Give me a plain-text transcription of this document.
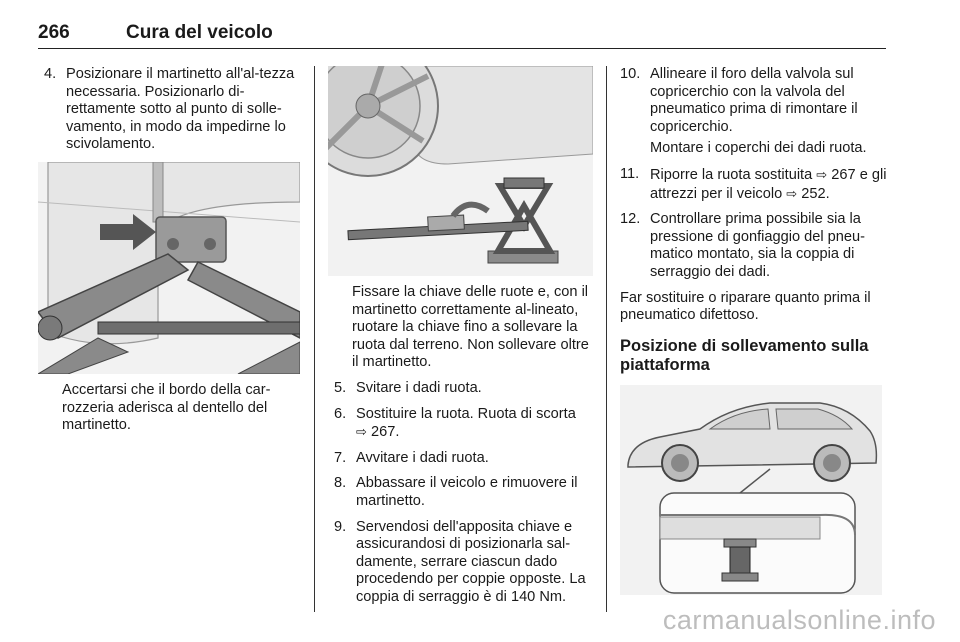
266	Cura del veicolo
4. Posizionare il martinetto all'al-tezza necessaria. Posizionarlo di-rettamente sotto al punto di solle-vamento, in modo da impedirne lo scivolamento.

Accertarsi che il bordo della car-rozzeria aderisca al dentello del martinetto.

Fissare la chiave delle ruote e, con il martinetto correttamente al-lineato, ruotare la chiave fino a sollevare la ruota dal terreno. Non sollevare oltre il martinetto.

5. Svitare i dadi ruota.
6. Sostituire la ruota. Ruota di scorta
⇨ 267.
7. Avvitare i dadi ruota.
8. Abbassare il veicolo e rimuovere il martinetto.
9. Servendosi dell'apposita chiave e assicurandosi di posizionarla sal-damente, serrare ciascun dado procedendo per coppie opposte. La coppia di serraggio è di 140 Nm.
10. Allineare il foro della valvola sul copricerchio con la valvola del pneumatico prima di rimontare il copricerchio.

Montare i coperchi dei dadi ruota.

11. Riporre la ruota sostituita ⇨ 267 e gli attrezzi per il veicolo ⇨ 252.
12. Controllare prima possibile sia la pressione di gonfiaggio del pneu-matico montato, sia la coppia di serraggio dei dadi.

Far sostituire o riparare quanto prima il pneumatico difettoso.

Posizione di sollevamento sulla piattaforma
carmanualsonline.info
